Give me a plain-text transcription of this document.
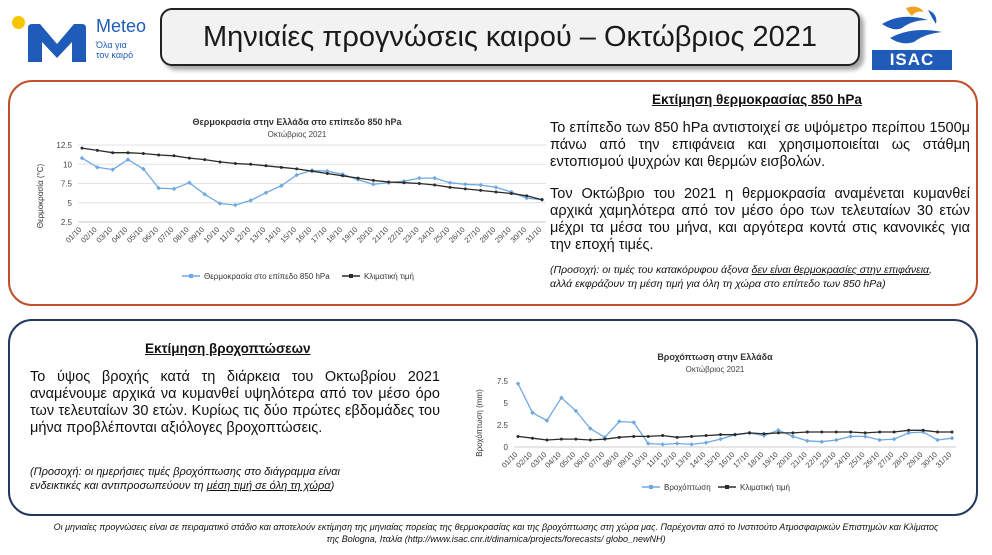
Meteo
Όλα για
τον καιρό
Μηνιαίες προγνώσεις καιρού – Οκτώβριος 2021
ISAC
Θερμοκρασία στην Ελλάδα στο επίπεδο 850 hPa
Οκτώβριος 2021
Θερμοκρασία (°C) 2.5
5
7.5
10
12.5
01/10
02/10
03/10
04/10
05/10
06/10
07/10
08/10
09/10
10/10
11/10
12/10
13/10
14/10
15/10
16/10
17/10
18/10
19/10
20/10
21/10
22/10
23/10
24/10
25/10
26/10
27/10
28/10
29/10
30/10
31/10
Θερμοκρασία στο επίπεδο 850 hPa	Κλιματική τιμή
Εκτίμηση θερμοκρασίας 850 hPa
Το επίπεδο των 850 hPa αντιστοιχεί σε υψόμετρο περίπου 1500μ πάνω από την επιφάνεια και χρησιμοποιείται ως στάθμη εντοπισμού ψυχρών και θερμών εισβολών.
Τον Οκτώβριο του 2021 η θερμοκρασία αναμένεται κυμανθεί αρχικά χαμηλότερα από τον μέσο όρο των τελευταίων 30 ετών μέχρι τα μέσα του μήνα, και αργότερα κοντά στις κανονικές για την εποχή τιμές.
(Προσοχή: οι τιμές του κατακόρυφου άξονα δεν είναι θερμοκρασίες στην επιφάνεια,
αλλά εκφράζουν τη μέση τιμή για όλη τη χώρα στο επίπεδο των 850 hPa)
Εκτίμηση βροχοπτώσεων
Το ύψος βροχής κατά τη διάρκεια του Οκτωβρίου 2021 αναμένουμε αρχικά να κυμανθεί υψηλότερα από τον μέσο όρο των τελευταίων 30 ετών. Κυρίως τις δύο πρώτες εβδομάδες του μήνα προβλέπονται αξιόλογες βροχοπτώσεις.
(Προσοχή: οι ημερήσιες τιμές βροχόπτωσης στο διάγραμμα είναι
ενδεικτικές και αντιπροσωπεύουν τη μέση τιμή σε όλη τη χώρα)
Βροχόπτωση στην Ελλάδα
Οκτώβριος 2021
Βροχόπτωση (mm) 0
2.5
5
7.5
01/10
02/10
03/10
04/10
05/10
06/10
07/10
08/10
09/10
10/10
11/10
12/10
13/10
14/10
15/10
16/10
17/10
18/10
19/10
20/10
21/10
22/10
23/10
24/10
25/10
26/10
27/10
28/10
29/10
30/10
31/10
Βροχόπτωση	Κλιματική τιμή
Οι μηνιαίες προγνώσεις είναι σε πειραματικό στάδιο και αποτελούν εκτίμηση της μηνιαίας πορείας της θερμοκρασίας και της βροχόπτωσης στη χώρα μας. Παρέχονται από το Ινστιτούτο Ατμοσφαιρικών Επιστημών και Κλίματος
της Bologna, Ιταλία (http://www.isac.cnr.it/dinamica/projects/forecasts/ globo_newNH)
